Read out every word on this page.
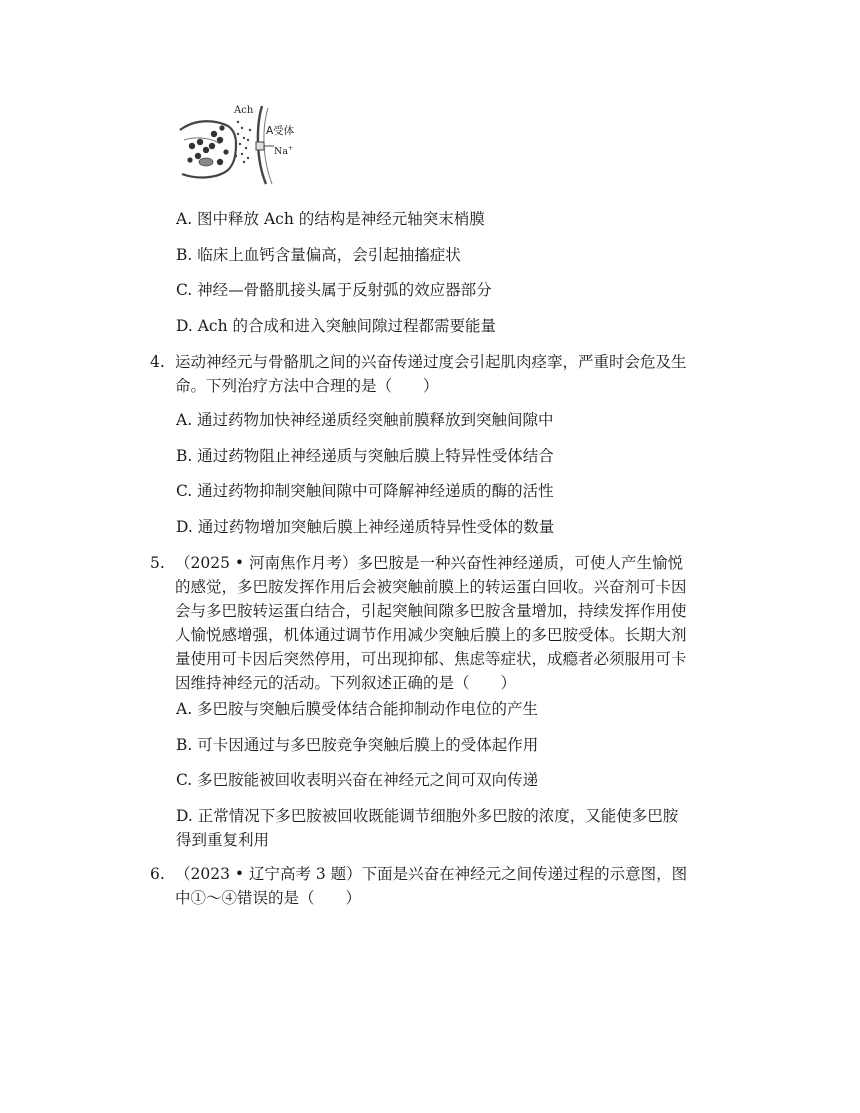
Ach
A受体
Na+
A. 图中释放 Ach 的结构是神经元轴突末梢膜
B. 临床上血钙含量偏高，会引起抽搐症状
C. 神经—骨骼肌接头属于反射弧的效应器部分
D. Ach 的合成和进入突触间隙过程都需要能量
4. 运动神经元与骨骼肌之间的兴奋传递过度会引起肌肉痉挛，严重时会危及生
命。下列治疗方法中合理的是（　　）
A. 通过药物加快神经递质经突触前膜释放到突触间隙中
B. 通过药物阻止神经递质与突触后膜上特异性受体结合
C. 通过药物抑制突触间隙中可降解神经递质的酶的活性
D. 通过药物增加突触后膜上神经递质特异性受体的数量
5. （2025 • 河南焦作月考）多巴胺是一种兴奋性神经递质，可使人产生愉悦
的感觉，多巴胺发挥作用后会被突触前膜上的转运蛋白回收。兴奋剂可卡因
会与多巴胺转运蛋白结合，引起突触间隙多巴胺含量增加，持续发挥作用使
人愉悦感增强，机体通过调节作用减少突触后膜上的多巴胺受体。长期大剂
量使用可卡因后突然停用，可出现抑郁、焦虑等症状，成瘾者必须服用可卡
因维持神经元的活动。下列叙述正确的是（　　）
A. 多巴胺与突触后膜受体结合能抑制动作电位的产生
B. 可卡因通过与多巴胺竞争突触后膜上的受体起作用
C. 多巴胺能被回收表明兴奋在神经元之间可双向传递
D. 正常情况下多巴胺被回收既能调节细胞外多巴胺的浓度，又能使多巴胺
得到重复利用
6. （2023 • 辽宁高考 3 题）下面是兴奋在神经元之间传递过程的示意图，图
中①～④错误的是（　　）
